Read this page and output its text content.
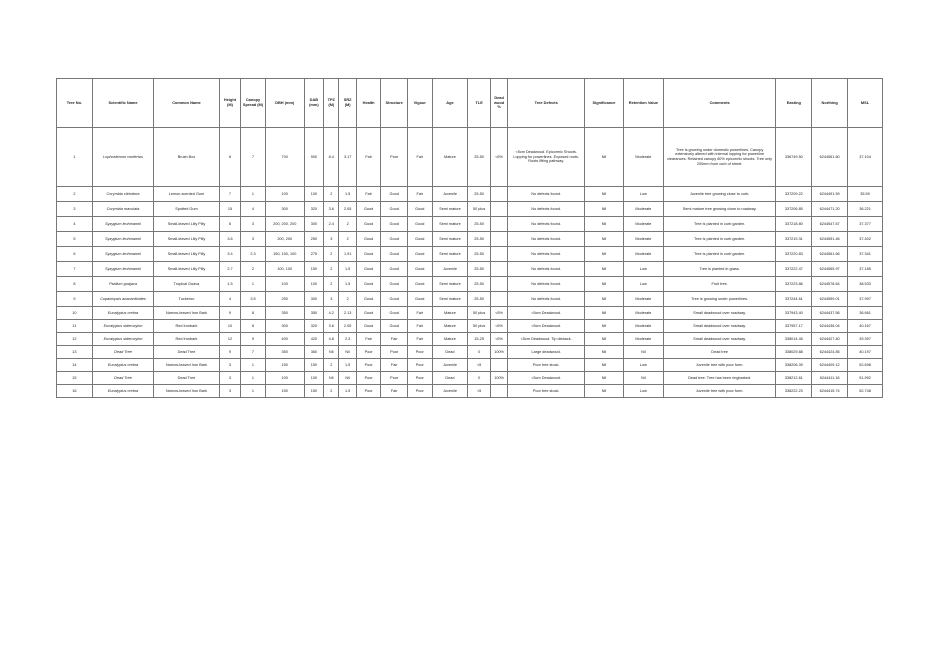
Tree No.	Scientific Name	Common Name	Height (M)	Canopy Spread (M)	DBH (mm)	DAB (mm)	TPZ (M)	SRZ (M)	Health	Structure	Vigour	Age	TLE	Dead wood %	Tree Defects	Significance	Retention Value	Comments	Easting	Northing	MSL
1	Lophostemon confertus	Brush Box	8	7	700	900	8.4	3.17	Fair	Poor	Fair	Mature	25-50	<5%	<5cm Deadwood. Epicormic Shoots. Lopping for powerlines. Exposed roots. Roots lifting pathway.	Nil	Moderate	Tree is growing under domestic powerlines. Canopy extensively altered with internal lopping for powerline clearances. Retained canopy 60% epicormic shoots. Tree only 200mm from curb of street.	336749.50	6244561.60	37.104
2	Corymbia citriodora	Lemon-scented Gum	7	1	100	100	2	1.5	Fair	Good	Fair	Juvenile	25-50		No defects found.	Nil	Low	Juvenile tree growing close to curb.	337209.22	6244491.59	35.59
3	Corymbia maculata	Spotted Gum	15	4	300	320	3.6	2.05	Good	Good	Good	Semi mature	50 plus		No defects found.	Nil	Moderate	Semi mature tree growing close to roadway.	337206.85	6244471.20	36.221
4	Syzygium leuhmannii	Small-leaved Lilly Pilly	6	3	200, 200, 200	300	2.4	2	Good	Good	Good	Semi mature	25-50		No defects found.	Nil	Moderate	Tree is planted in curb garden.	337218.80	6244547.67	37.377
5	Syzygium leuhmannii	Small-leaved Lilly Pilly	3.6	3	200, 200	250	3	2	Good	Good	Good	Semi mature	25-50		No defects found.	Nil	Moderate	Tree is planted in curb garden.	337219.31	6244551.46	37.402
6	Syzygium leuhmannii	Small-leaved Lilly Pilly	3.4	2.3	150, 150, 100	275	2	1.91	Good	Good	Good	Semi mature	25-50		No defects found.	Nil	Moderate	Tree is planted in curb garden.	337220.83	6244561.66	37.341
7	Syzygium leuhmannii	Small-leaved Lilly Pilly	2.7	2	100, 100	150	2	1.5	Good	Good	Good	Juvenile	25-50		No defects found.	Nil	Low	Tree is planted in grass.	337222.47	6244565.97	37.185
8	Psidium guajava	Tropical Guava	1.5	1	100	100	2	1.5	Good	Good	Good	Semi mature	25-50		No defects found.	Nil	Low	Fruit tree.	337223.86	6244578.64	38.533
9	Cupaniopsis anacardioides	Tuckeroo	4	3.5	250	300	3	2	Good	Good	Good	Semi mature	25-50		No defects found.	Nil	Moderate	Tree is growing under powerlines.	337244.61	6244559.01	37.997
10	Eucalyptus crebra	Narrow-leaved Iron Bark	9	8	350	350	4.2	2.13	Good	Good	Fair	Mature	50 plus	<5%	<5cm Deadwood.	Nil	Moderate	Small deadwood over roadway.	337943.40	6244437.56	36.661
11	Eucalyptus sideroxylon	Red Ironbark	10	8	300	320	3.6	2.05	Good	Good	Fair	Mature	50 plus	<5%	<5cm Deadwood.	Nil	Moderate	Small deadwood over roadway.	337957.17	6244436.04	40.167
12	Eucalyptus sideroxylon	Red Ironbark	12	9	400	420	4.8	2.3	Fair	Fair	Fair	Mature	15-25	<5%	<5cm Deadwood. Tip dieback.	Nil	Moderate	Small deadwood over roadway.	338014.45	6244427.40	39.397
13	Dead Tree	Dead Tree	9	7	350	360	Nil	Nil	Poor	Poor	Poor	Dead	0	100%	Large deadwood.	Nil	Nil	Dead tree	338029.88	6244424.85	40.197
14	Eucalyptus crebra	Narrow-leaved Iron Bark	3	1	150	150	2	1.5	Poor	Fair	Poor	Juvenile	<5		Poor tree stock.	Nil	Low	Juvenile tree with poor form.	338206.39	6244409.12	52.698
15	Dead Tree	Dead Tree	3	1	100	100	Nil	Nil	Poor	Poor	Poor	Dead	0	100%	<5cm Deadwood.	Nil	Nil	Dead tree. Tree has been ringbarked.	338212.61	6244411.18	51.992
16	Eucalyptus crebra	Narrow-leaved Iron Bark	3	1	150	150	2	1.5	Poor	Fair	Poor	Juvenile	<5		Poor tree stock.	Nil	Low	Juvenile tree with poor form.	338222.23	6244415.74	52.748
